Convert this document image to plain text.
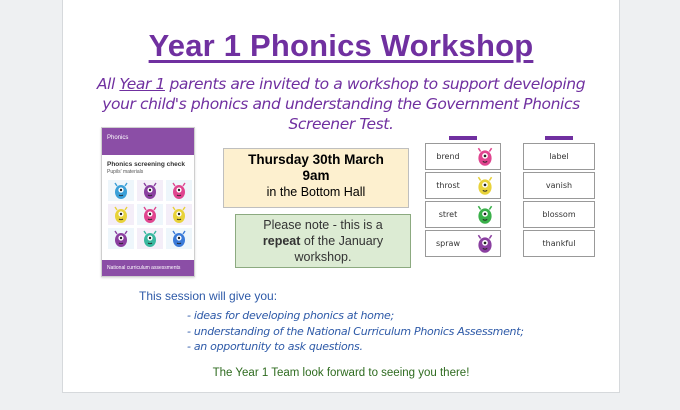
Year 1 Phonics Workshop
All Year 1 parents are invited to a workshop to support developing your child's phonics and understanding the Government Phonics Screener Test.
Phonics
Phonics screening check
Pupils' materials
National curriculum assessments
Thursday 30th March
9am
in the Bottom Hall
Please note - this is a
repeat of the January
workshop.
brend
throst
stret
spraw
label
vanish
blossom
thankful
This session will give you:
- ideas for developing phonics at home;
- understanding of the National Curriculum Phonics Assessment;
- an opportunity to ask questions.
The Year 1 Team look forward to seeing you there!
